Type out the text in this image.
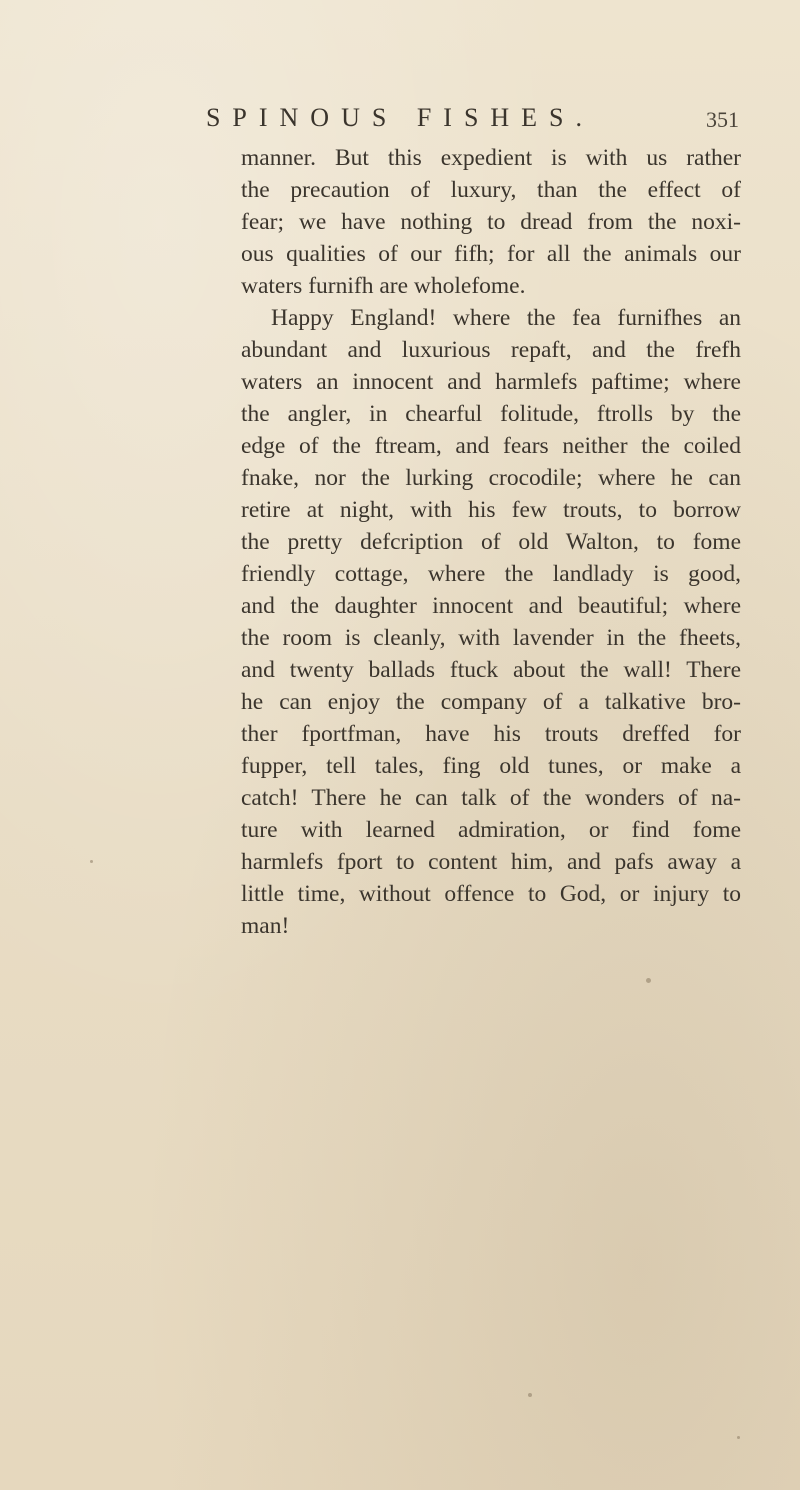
SPINOUS FISHES.	351
manner. But this expedient is with us rather
the precaution of luxury, than the effect of
fear; we have nothing to dread from the noxi-
ous qualities of our fifh; for all the animals our
waters furnifh are wholefome.
Happy England! where the fea furnifhes an
abundant and luxurious repaft, and the frefh
waters an innocent and harmlefs paftime; where
the angler, in chearful folitude, ftrolls by the
edge of the ftream, and fears neither the coiled
fnake, nor the lurking crocodile; where he can
retire at night, with his few trouts, to borrow
the pretty defcription of old Walton, to fome
friendly cottage, where the landlady is good,
and the daughter innocent and beautiful; where
the room is cleanly, with lavender in the fheets,
and twenty ballads ftuck about the wall! There
he can enjoy the company of a talkative bro-
ther fportfman, have his trouts dreffed for
fupper, tell tales, fing old tunes, or make a
catch! There he can talk of the wonders of na-
ture with learned admiration, or find fome
harmlefs fport to content him, and pafs away a
little time, without offence to God, or injury to
man!
